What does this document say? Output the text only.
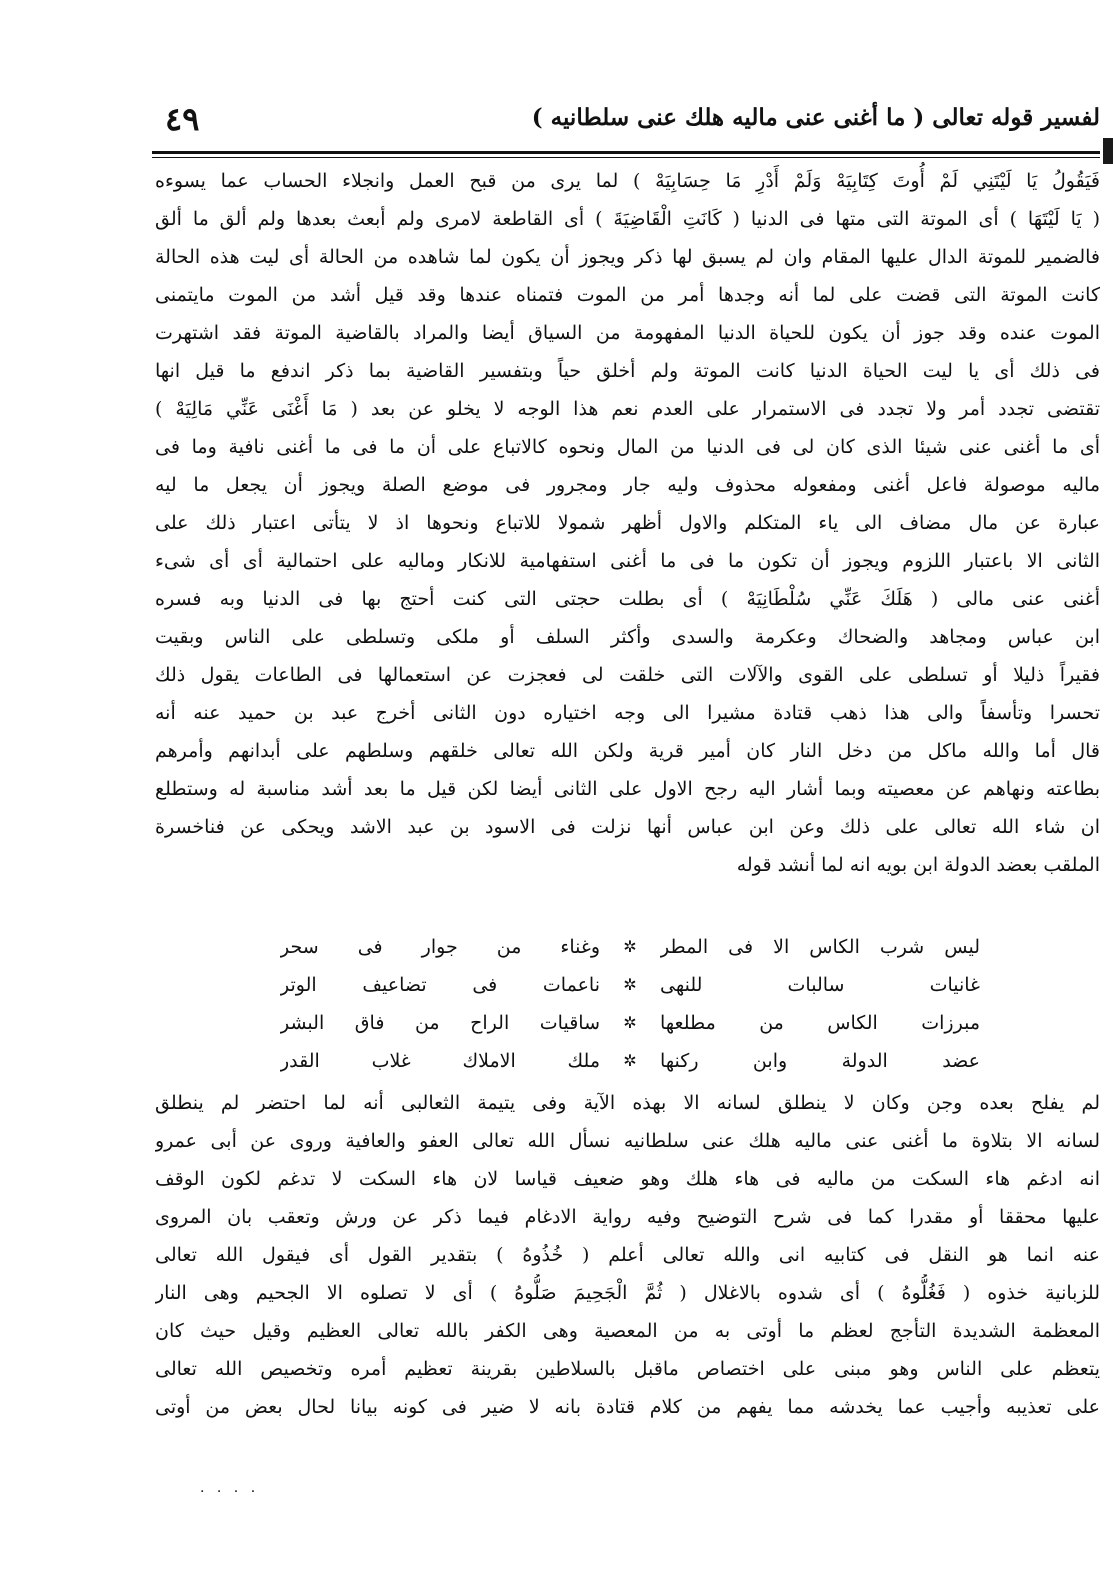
لفسير قوله تعالى ( ما أغنى عنى ماليه هلك عنى سلطانيه )
٤٩
فَيَقُولُ يَا لَيْتَنِي لَمْ أُوتَ كِتَابِيَهْ وَلَمْ أَدْرِ مَا حِسَابِيَهْ ) لما يرى من قبح العمل وانجلاء الحساب عما يسوءه
( يَا لَيْتَهَا ) أى الموتة التى متها فى الدنيا ( كَانَتِ الْقَاضِيَةَ ) أى القاطعة لامرى ولم أبعث بعدها ولم ألق ما ألق
فالضمير للموتة الدال عليها المقام وان لم يسبق لها ذكر ويجوز أن يكون لما شاهده من الحالة أى ليت هذه الحالة
كانت الموتة التى قضت على لما أنه وجدها أمر من الموت فتمناه عندها وقد قيل أشد من الموت مايتمنى
الموت عنده وقد جوز أن يكون للحياة الدنيا المفهومة من السياق أيضا والمراد بالقاضية الموتة فقد اشتهرت
فى ذلك أى يا ليت الحياة الدنيا كانت الموتة ولم أخلق حياً وبتفسير القاضية بما ذكر اندفع ما قيل انها
تقتضى تجدد أمر ولا تجدد فى الاستمرار على العدم نعم هذا الوجه لا يخلو عن بعد ( مَا أَغْنَى عَنِّي مَالِيَهْ )
أى ما أغنى عنى شيئا الذى كان لى فى الدنيا من المال ونحوه كالاتباع على أن ما فى ما أغنى نافية وما فى
ماليه موصولة فاعل أغنى ومفعوله محذوف وليه جار ومجرور فى موضع الصلة ويجوز أن يجعل ما ليه
عبارة عن مال مضاف الى ياء المتكلم والاول أظهر شمولا للاتباع ونحوها اذ لا يتأتى اعتبار ذلك على
الثانى الا باعتبار اللزوم ويجوز أن تكون ما فى ما أغنى استفهامية للانكار وماليه على احتمالية أى أى شىء
أغنى عنى مالى ( هَلَكَ عَنِّي سُلْطَانِيَهْ ) أى بطلت حجتى التى كنت أحتج بها فى الدنيا وبه فسره
ابن عباس ومجاهد والضحاك وعكرمة والسدى وأكثر السلف أو ملكى وتسلطى على الناس وبقيت
فقيراً ذليلا أو تسلطى على القوى والآلات التى خلقت لى فعجزت عن استعمالها فى الطاعات يقول ذلك
تحسرا وتأسفاً والى هذا ذهب قتادة مشيرا الى وجه اختياره دون الثانى أخرج عبد بن حميد عنه أنه
قال أما والله ماكل من دخل النار كان أمير قرية ولكن الله تعالى خلقهم وسلطهم على أبدانهم وأمرهم
بطاعته ونهاهم عن معصيته وبما أشار اليه رجح الاول على الثانى أيضا لكن قيل ما بعد أشد مناسبة له وستطلع
ان شاء الله تعالى على ذلك وعن ابن عباس أنها نزلت فى الاسود بن عبد الاشد ويحكى عن فناخسرة
الملقب بعضد الدولة ابن بويه انه لما أنشد قوله
ليس شرب الكاس الا فى المطر
✲
وغناء من جوار فى سحر
غانيات سالبات للنهى
✲
ناعمات فى تضاعيف الوتر
مبرزات الكاس من مطلعها
✲
ساقيات الراح من فاق البشر
عضد الدولة وابن ركنها
✲
ملك الاملاك غلاب القدر
لم يفلح بعده وجن وكان لا ينطلق لسانه الا بهذه الآية وفى يتيمة الثعالبى أنه لما احتضر لم ينطلق
لسانه الا بتلاوة ما أغنى عنى ماليه هلك عنى سلطانيه نسأل الله تعالى العفو والعافية وروى عن أبى عمرو
انه ادغم هاء السكت من ماليه فى هاء هلك وهو ضعيف قياسا لان هاء السكت لا تدغم لكون الوقف
عليها محققا أو مقدرا كما فى شرح التوضيح وفيه رواية الادغام فيما ذكر عن ورش وتعقب بان المروى
عنه انما هو النقل فى كتابيه انى والله تعالى أعلم ( خُذُوهُ ) بتقدير القول أى فيقول الله تعالى
للزبانية خذوه ( فَغُلُّوهُ ) أى شدوه بالاغلال ( ثُمَّ الْجَحِيمَ صَلُّوهُ ) أى لا تصلوه الا الجحيم وهى النار
المعظمة الشديدة التأجج لعظم ما أوتى به من المعصية وهى الكفر بالله تعالى العظيم وقيل حيث كان
يتعظم على الناس وهو مبنى على اختصاص ماقبل بالسلاطين بقرينة تعظيم أمره وتخصيص الله تعالى
على تعذيبه وأجيب عما يخدشه مما يفهم من كلام قتادة بانه لا ضير فى كونه بيانا لحال بعض من أوتى
. . . .
